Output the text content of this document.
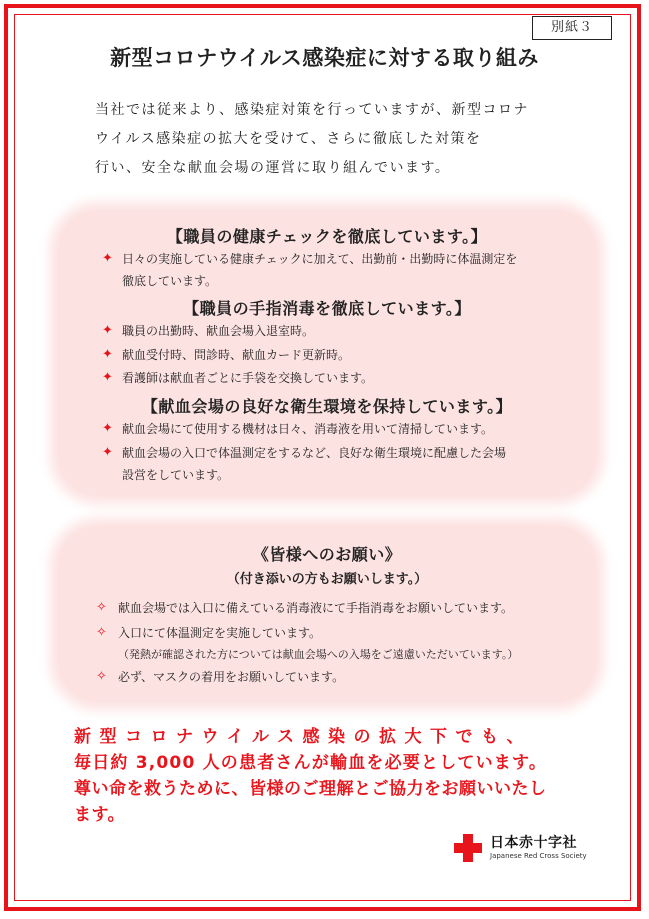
別紙３
新型コロナウイルス感染症に対する取り組み

当社では従来より、感染症対策を行っていますが、新型コロナ

ウイルス感染症の拡大を受けて、さらに徹底した対策を

行い、安全な献血会場の運営に取り組んでいます。

【職員の健康チェックを徹底しています。】
✦ 日々の実施している健康チェックに加えて、出勤前・出勤時に体温測定を
徹底しています。
【職員の手指消毒を徹底しています。】
✦ 職員の出勤時、献血会場入退室時。
✦ 献血受付時、問診時、献血カード更新時。
✦ 看護師は献血者ごとに手袋を交換しています。
【献血会場の良好な衛生環境を保持しています。】
✦ 献血会場にて使用する機材は日々、消毒液を用いて清掃しています。
✦ 献血会場の入口で体温測定をするなど、良好な衛生環境に配慮した会場
設営をしています。
《皆様へのお願い》
（付き添いの方もお願いします。）
✧ 献血会場では入口に備えている消毒液にて手指消毒をお願いしています。
✧ 入口にて体温測定を実施しています。
（発熱が確認された方については献血会場への入場をご遠慮いただいています。）
✧ 必ず、マスクの着用をお願いしています。

新型コロナウイルス感染の拡大下でも、

毎日約 3,000 人の患者さんが輸血を必要としています。

尊い命を救うために、皆様のご理解とご協力をお願いいたし

ます。

日本赤十字社
Japanese Red Cross Society
